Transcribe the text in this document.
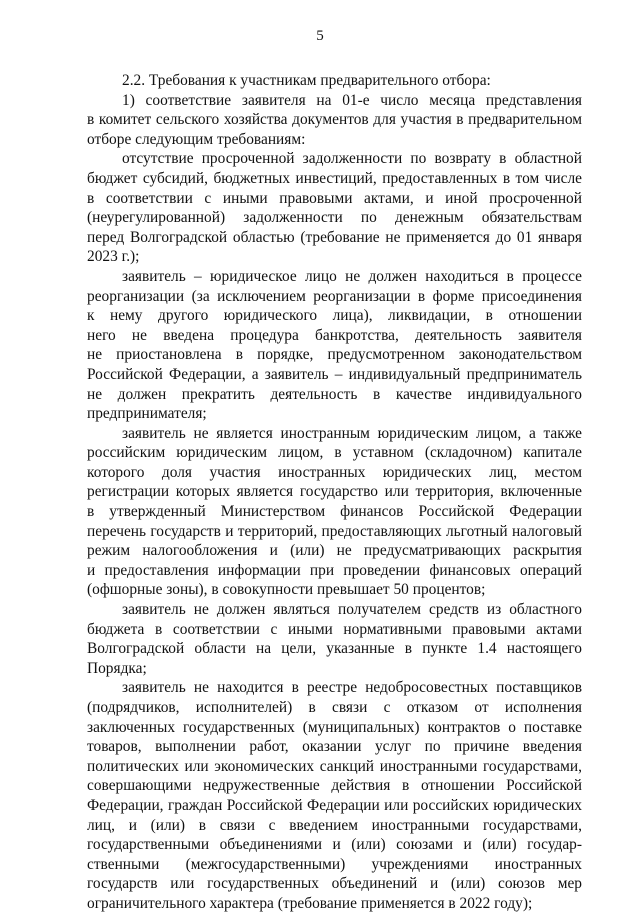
5
2.2. Требования к участникам предварительного отбора:
1) соответствие заявителя на 01-е число месяца представления
в комитет сельского хозяйства документов для участия в предварительном
отборе следующим требованиям:
отсутствие просроченной задолженности по возврату в областной
бюджет субсидий, бюджетных инвестиций, предоставленных в том числе
в соответствии с иными правовыми актами, и иной просроченной
(неурегулированной) задолженности по денежным обязательствам
перед Волгоградской областью (требование не применяется до 01 января
2023 г.);
заявитель – юридическое лицо не должен находиться в процессе
реорганизации (за исключением реорганизации в форме присоединения
к нему другого юридического лица), ликвидации, в отношении
него не введена процедура банкротства, деятельность заявителя
не приостановлена в порядке, предусмотренном законодательством
Российской Федерации, а заявитель – индивидуальный предприниматель
не должен прекратить деятельность в качестве индивидуального
предпринимателя;
заявитель не является иностранным юридическим лицом, а также
российским юридическим лицом, в уставном (складочном) капитале
которого доля участия иностранных юридических лиц, местом
регистрации которых является государство или территория, включенные
в утвержденный Министерством финансов Российской Федерации
перечень государств и территорий, предоставляющих льготный налоговый
режим налогообложения и (или) не предусматривающих раскрытия
и предоставления информации при проведении финансовых операций
(офшорные зоны), в совокупности превышает 50 процентов;
заявитель не должен являться получателем средств из областного
бюджета в соответствии с иными нормативными правовыми актами
Волгоградской области на цели, указанные в пункте 1.4 настоящего
Порядка;
заявитель не находится в реестре недобросовестных поставщиков
(подрядчиков, исполнителей) в связи с отказом от исполнения
заключенных государственных (муниципальных) контрактов о поставке
товаров, выполнении работ, оказании услуг по причине введения
политических или экономических санкций иностранными государствами,
совершающими недружественные действия в отношении Российской
Федерации, граждан Российской Федерации или российских юридических
лиц, и (или) в связи с введением иностранными государствами,
государственными объединениями и (или) союзами и (или) государ-
ственными (межгосударственными) учреждениями иностранных
государств или государственных объединений и (или) союзов мер
ограничительного характера (требование применяется в 2022 году);
